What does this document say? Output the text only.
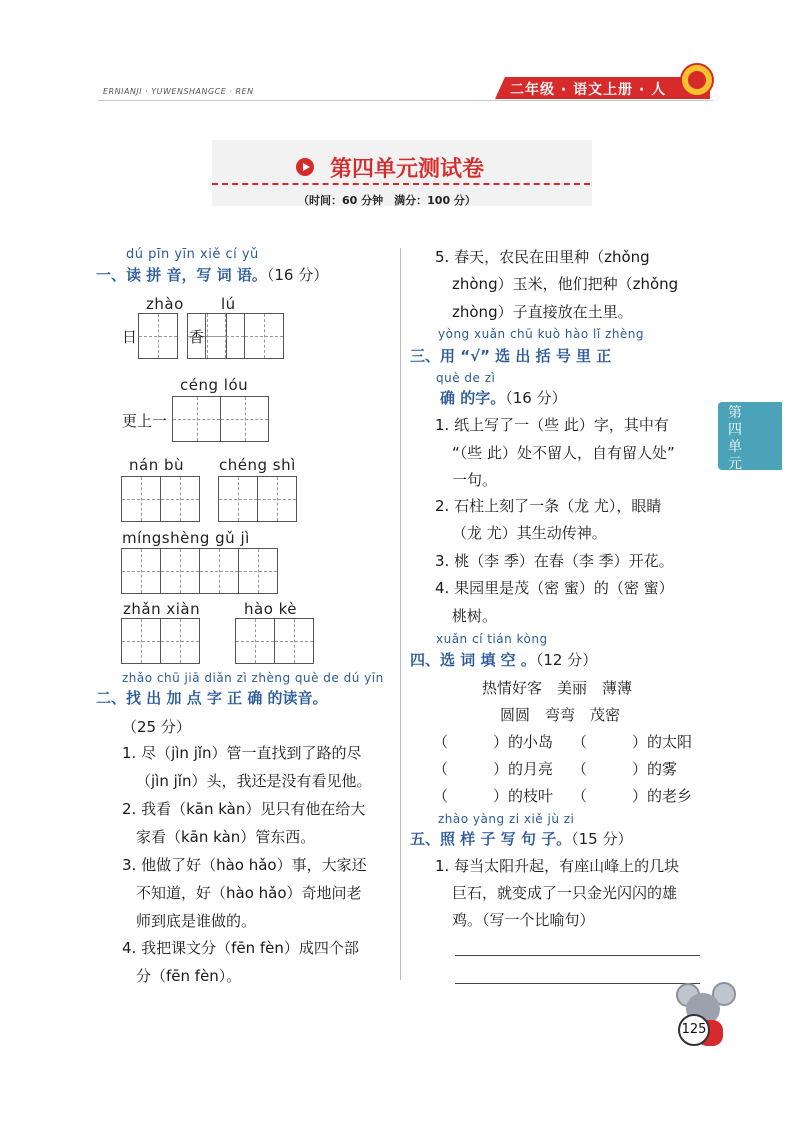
ERNIANJI · YUWENSHANGCE · REN	二年级 · 语文上册 · 人
第四单元测试卷
（时间：60 分钟　满分：100 分）
dú pīn yīn xiě cí yǔ
一、读 拼 音，写 词 语。（16 分）
zhào lú
日	香
céng lóu
更上一
nán bù chéng shì
míngshèng gǔ jì
zhǎn xiàn	hào kè
zhǎo chū jiā diǎn zì zhèng què de dú yīn
二、找 出 加 点 字 正 确 的读音。
（25 分）
1. 尽（jìn jǐn）管一直找到了路的尽
（jìn jǐn）头，我还是没有看见他。
2. 我看（kān kàn）见只有他在给大
家看（kān kàn）管东西。
3. 他做了好（hào hǎo）事，大家还
不知道，好（hào hǎo）奇地问老
师到底是谁做的。
4. 我把课文分（fēn fèn）成四个部
分（fēn fèn）。
5. 春天，农民在田里种（zhǒng
zhòng）玉米，他们把种（zhǒng
zhòng）子直接放在土里。
yòng xuǎn chū kuò hào lǐ zhèng
三、用 “√” 选 出 括 号 里 正
què de zì
确 的字。（16 分）
1. 纸上写了一（些 此）字，其中有
“（些 此）处不留人，自有留人处”
一句。
2. 石柱上刻了一条（龙 尤），眼睛
（龙 尤）其生动传神。
3. 桃（李 季）在春（李 季）开花。
4. 果园里是茂（密 蜜）的（密 蜜）
桃树。
xuǎn cí tián kòng
四、选 词 填 空 。（12 分）
热情好客　美丽　薄薄
圆圆　弯弯　茂密
（　　　）的小岛 （　　　）的太阳
（　　　）的月亮 （　　　）的雾
（　　　）的枝叶 （　　　）的老乡
zhào yàng zi xiě jù zi
五、照 样 子 写 句 子。（15 分）
1. 每当太阳升起，有座山峰上的几块
巨石，就变成了一只金光闪闪的雄
鸡。（写一个比喻句）
第四单元
125
